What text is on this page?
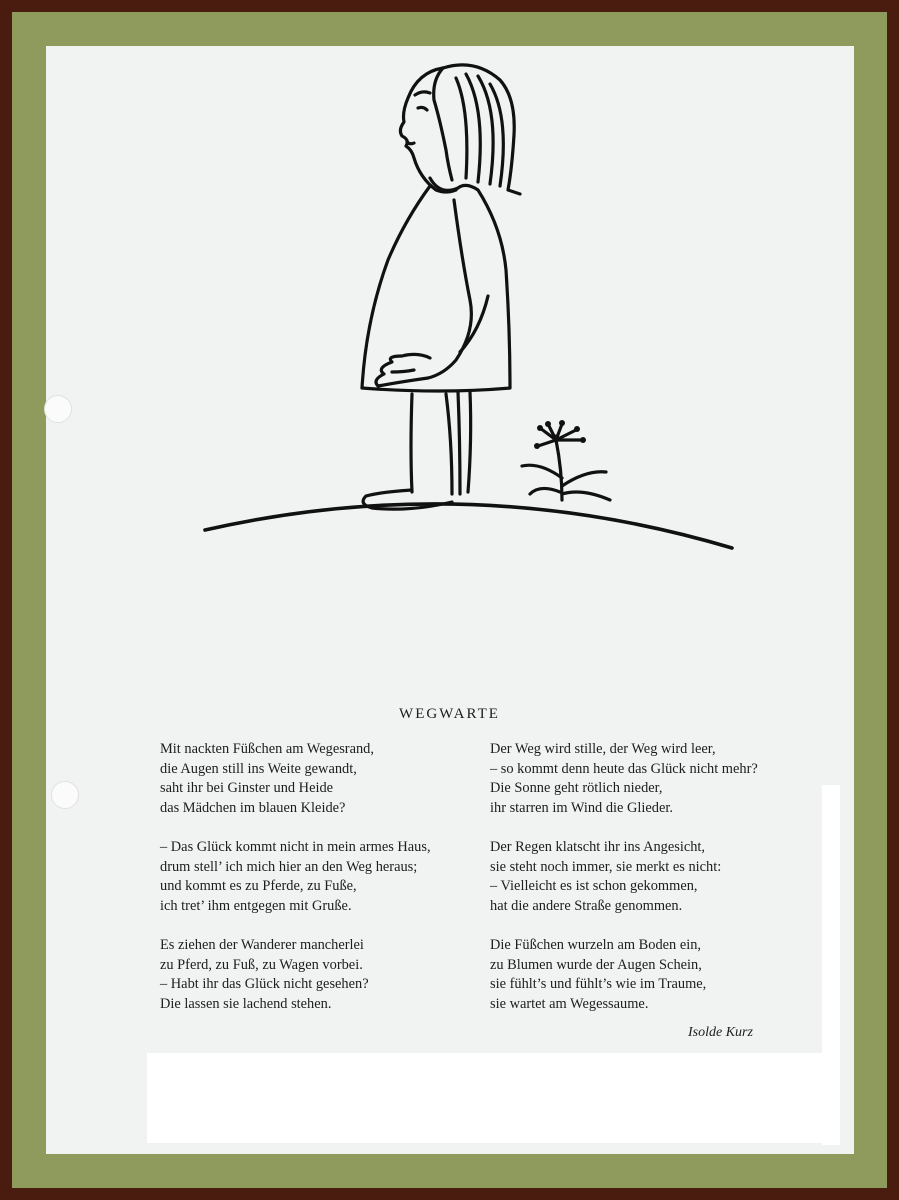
WEGWARTE
Mit nackten Füßchen am Wegesrand,
die Augen still ins Weite gewandt,
saht ihr bei Ginster und Heide
das Mädchen im blauen Kleide?
– Das Glück kommt nicht in mein armes Haus,
drum stell’ ich mich hier an den Weg heraus;
und kommt es zu Pferde, zu Fuße,
ich tret’ ihm entgegen mit Gruße.
Es ziehen der Wanderer mancherlei
zu Pferd, zu Fuß, zu Wagen vorbei.
– Habt ihr das Glück nicht gesehen?
Die lassen sie lachend stehen.
Der Weg wird stille, der Weg wird leer,
– so kommt denn heute das Glück nicht mehr?
Die Sonne geht rötlich nieder,
ihr starren im Wind die Glieder.
Der Regen klatscht ihr ins Angesicht,
sie steht noch immer, sie merkt es nicht:
– Vielleicht es ist schon gekommen,
hat die andere Straße genommen.
Die Füßchen wurzeln am Boden ein,
zu Blumen wurde der Augen Schein,
sie fühlt’s und fühlt’s wie im Traume,
sie wartet am Wegessaume.
Isolde Kurz
